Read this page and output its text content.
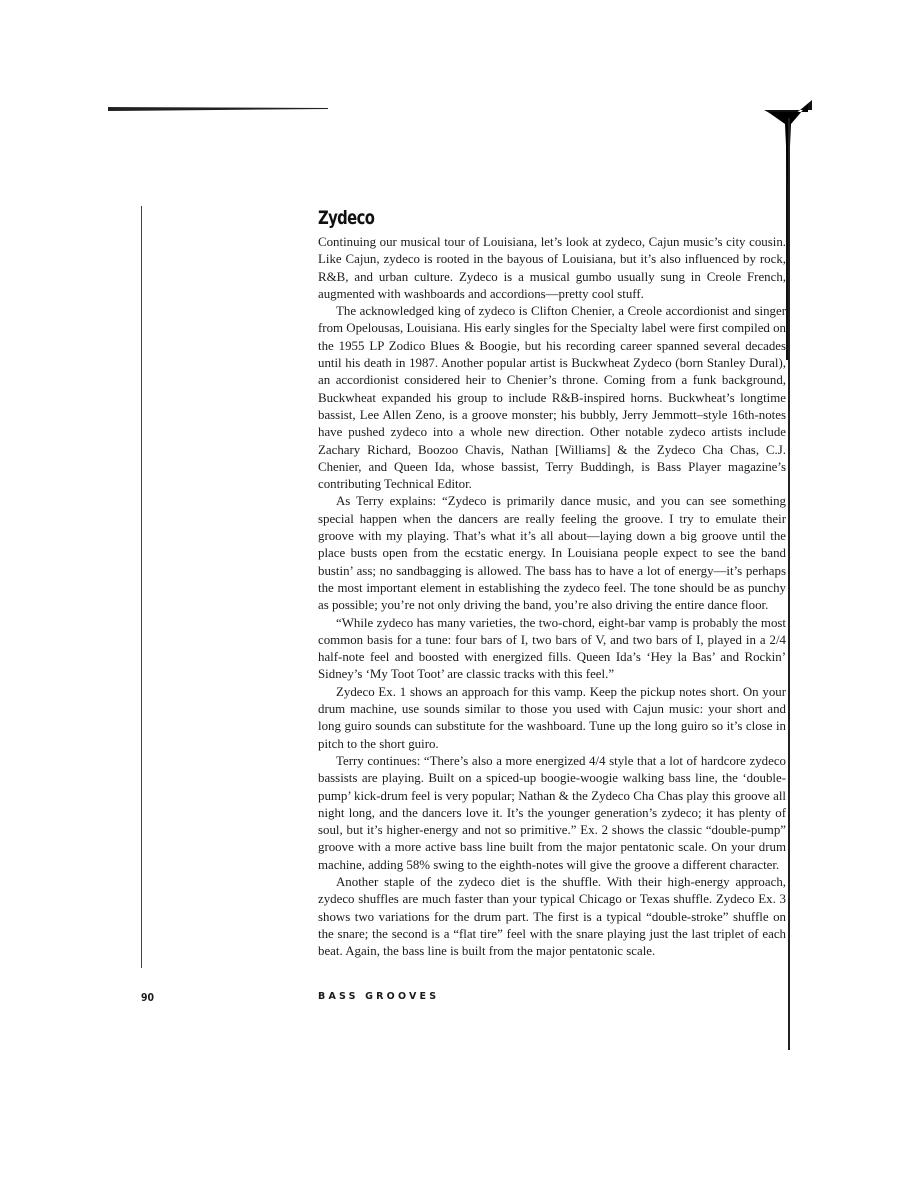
Zydeco

Continuing our musical tour of Louisiana, let’s look at zydeco, Cajun music’s city cousin. Like Cajun, zydeco is rooted in the bayous of Louisiana, but it’s also influenced by rock, R&B, and urban culture. Zydeco is a musical gumbo usually sung in Creole French, augmented with washboards and accordions—pretty cool stuff.

The acknowledged king of zydeco is Clifton Chenier, a Creole accordionist and singer from Opelousas, Louisiana. His early singles for the Specialty label were first compiled on the 1955 LP Zodico Blues & Boogie, but his recording career spanned several decades until his death in 1987. Another popular artist is Buckwheat Zydeco (born Stanley Dural), an accordionist considered heir to Chenier’s throne. Coming from a funk background, Buckwheat expanded his group to include R&B-inspired horns. Buckwheat’s longtime bassist, Lee Allen Zeno, is a groove monster; his bubbly, Jerry Jemmott–style 16th-notes have pushed zydeco into a whole new direction. Other notable zydeco artists include Zachary Richard, Boozoo Chavis, Nathan [Williams] & the Zydeco Cha Chas, C.J. Chenier, and Queen Ida, whose bassist, Terry Buddingh, is Bass Player magazine’s contributing Technical Editor.

As Terry explains: “Zydeco is primarily dance music, and you can see something special happen when the dancers are really feeling the groove. I try to emulate their groove with my playing. That’s what it’s all about—laying down a big groove until the place busts open from the ecstatic energy. In Louisiana people expect to see the band bustin’ ass; no sandbagging is allowed. The bass has to have a lot of energy—it’s perhaps the most important element in establishing the zydeco feel. The tone should be as punchy as possible; you’re not only driving the band, you’re also driving the entire dance floor.

“While zydeco has many varieties, the two-chord, eight-bar vamp is probably the most common basis for a tune: four bars of I, two bars of V, and two bars of I, played in a 2/4 half-note feel and boosted with energized fills. Queen Ida’s ‘Hey la Bas’ and Rockin’ Sidney’s ‘My Toot Toot’ are classic tracks with this feel.”

Zydeco Ex. 1 shows an approach for this vamp. Keep the pickup notes short. On your drum machine, use sounds similar to those you used with Cajun music: your short and long guiro sounds can substitute for the washboard. Tune up the long guiro so it’s close in pitch to the short guiro.

Terry continues: “There’s also a more energized 4/4 style that a lot of hardcore zydeco bassists are playing. Built on a spiced-up boogie-woogie walking bass line, the ‘double-pump’ kick-drum feel is very popular; Nathan & the Zydeco Cha Chas play this groove all night long, and the dancers love it. It’s the younger generation’s zydeco; it has plenty of soul, but it’s higher-energy and not so primitive.” Ex. 2 shows the classic “double-pump” groove with a more active bass line built from the major pentatonic scale. On your drum machine, adding 58% swing to the eighth-notes will give the groove a different character.

Another staple of the zydeco diet is the shuffle. With their high-energy approach, zydeco shuffles are much faster than your typical Chicago or Texas shuffle. Zydeco Ex. 3 shows two variations for the drum part. The first is a typical “double-stroke” shuffle on the snare; the second is a “flat tire” feel with the snare playing just the last triplet of each beat. Again, the bass line is built from the major pentatonic scale.

90	BASS GROOVES
